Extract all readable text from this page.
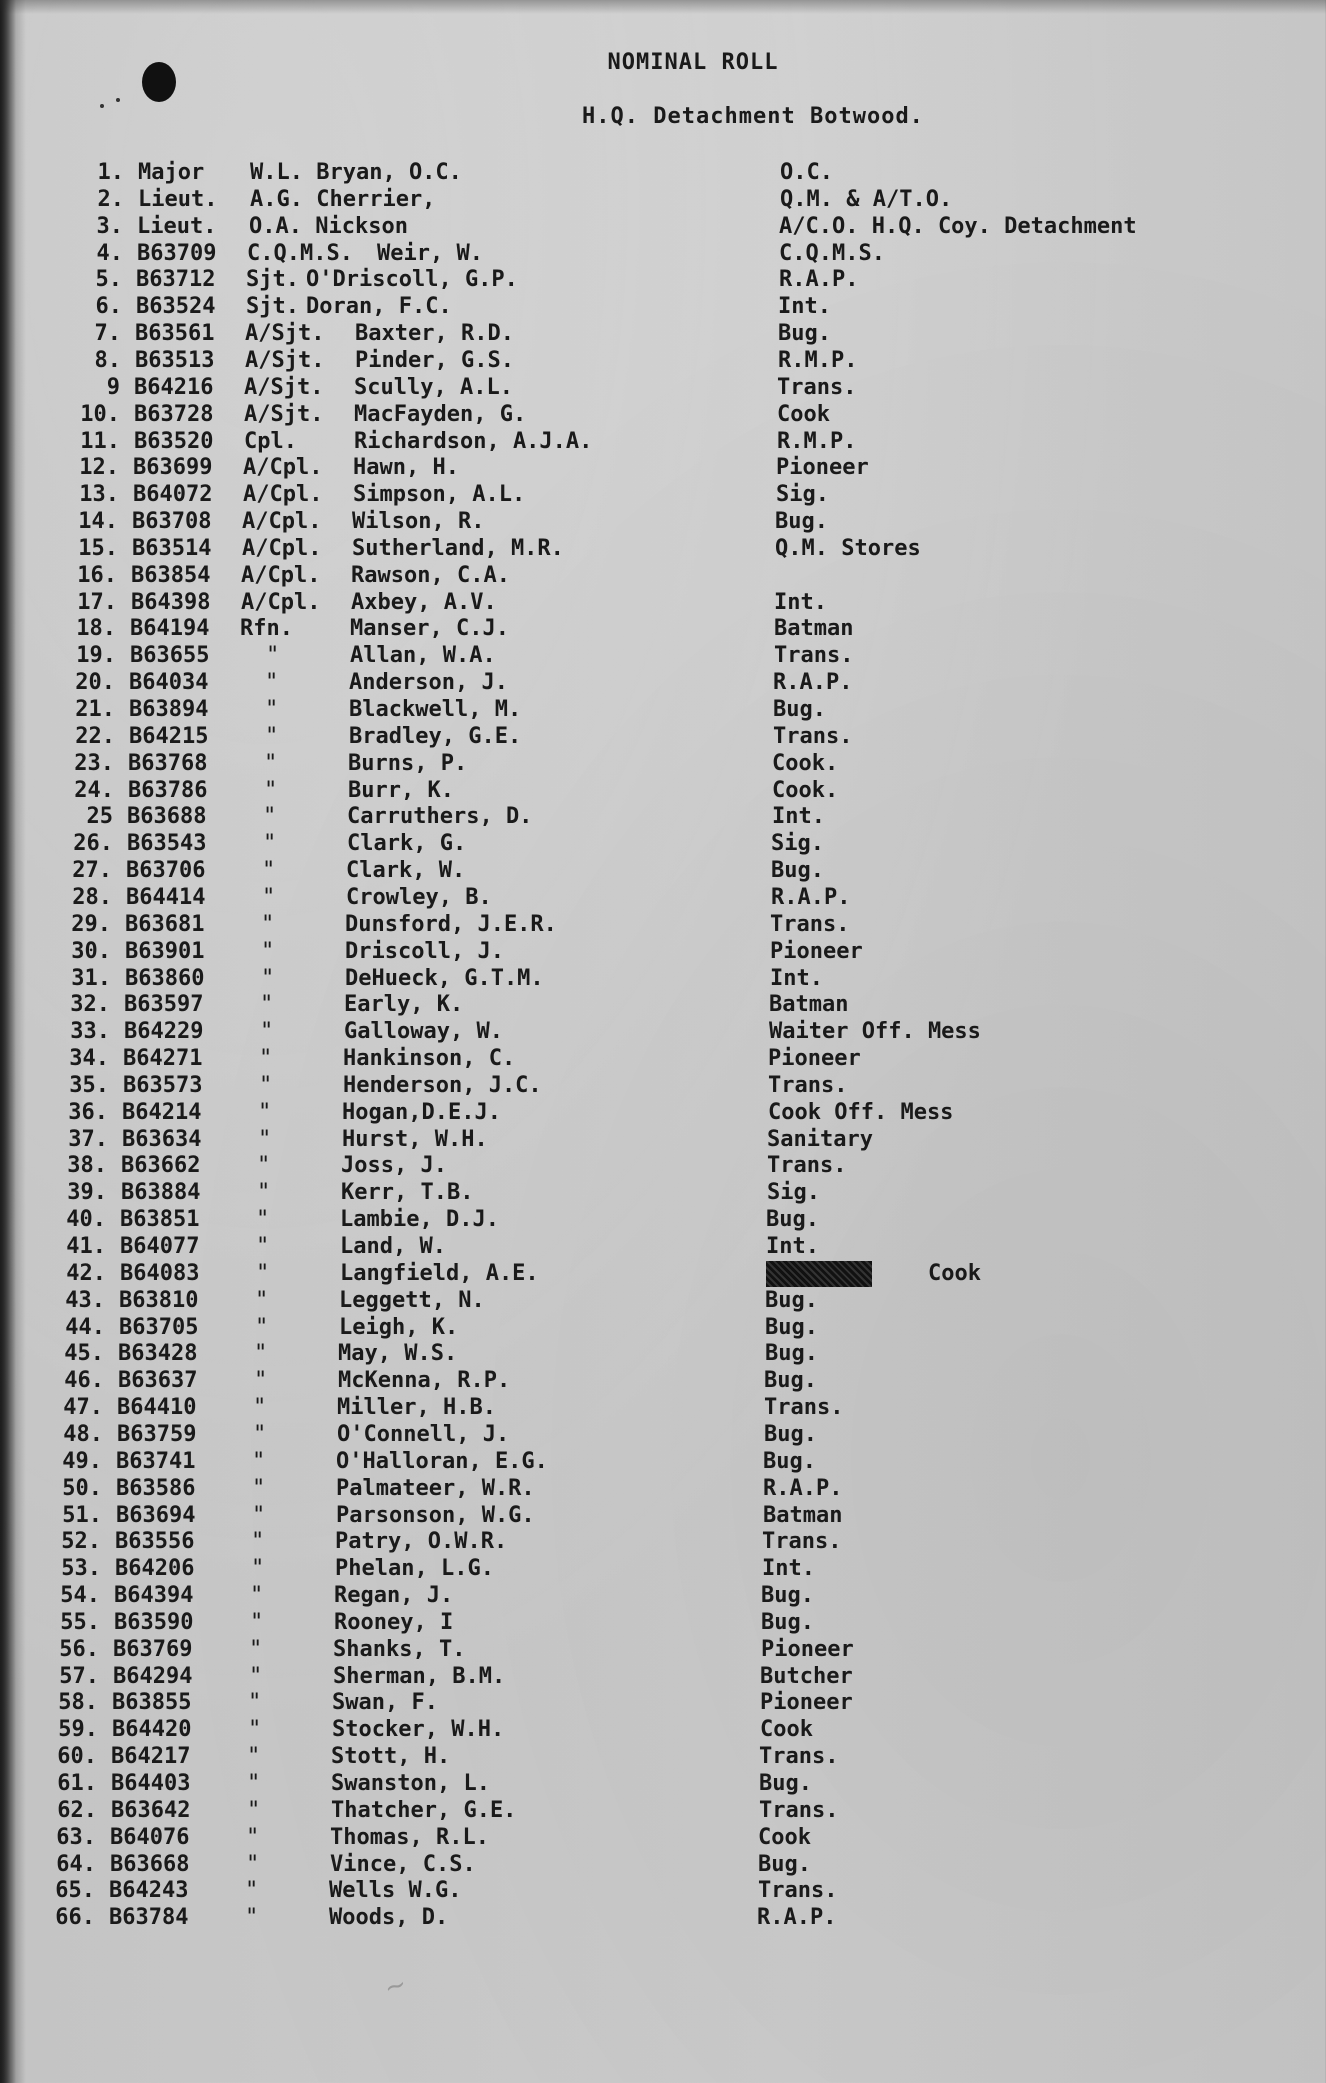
NOMINAL ROLL
H.Q. Detachment Botwood.
1. Major	W.L. Bryan, O.C.	O.C.
2. Lieut.	A.G. Cherrier,	Q.M. & A/T.O.
3. Lieut.	O.A. Nickson	A/C.O. H.Q. Coy. Detachment
4. B63709	C.Q.M.S. Weir, W.	C.Q.M.S.
5. B63712	Sjt. O'Driscoll, G.P.	R.A.P.
6. B63524	Sjt. Doran, F.C.	Int.
7. B63561	A/Sjt.	Baxter, R.D.	Bug.
8. B63513	A/Sjt.	Pinder, G.S.	R.M.P.
9 B64216	A/Sjt.	Scully, A.L.	Trans.
10. B63728	A/Sjt.	MacFayden, G.	Cook
11. B63520	Cpl.	Richardson, A.J.A.	R.M.P.
12. B63699	A/Cpl.	Hawn, H.	Pioneer
13. B64072	A/Cpl.	Simpson, A.L.	Sig.
14. B63708	A/Cpl.	Wilson, R.	Bug.
15. B63514	A/Cpl.	Sutherland, M.R.	Q.M. Stores
16. B63854	A/Cpl.	Rawson, C.A.
17. B64398	A/Cpl.	Axbey, A.V.	Int.
18. B64194	Rfn.	Manser, C.J.	Batman
19. B63655	"	Allan, W.A.	Trans.
20. B64034	"	Anderson, J.	R.A.P.
21. B63894	"	Blackwell, M.	Bug.
22. B64215	"	Bradley, G.E.	Trans.
23. B63768	"	Burns, P.	Cook.
24. B63786	"	Burr, K.	Cook.
25 B63688	"	Carruthers, D.	Int.
26. B63543	"	Clark, G.	Sig.
27. B63706	"	Clark, W.	Bug.
28. B64414	"	Crowley, B.	R.A.P.
29. B63681	"	Dunsford, J.E.R.	Trans.
30. B63901	"	Driscoll, J.	Pioneer
31. B63860	"	DeHueck, G.T.M.	Int.
32. B63597	"	Early, K.	Batman
33. B64229	"	Galloway, W.	Waiter Off. Mess
34. B64271	"	Hankinson, C.	Pioneer
35. B63573	"	Henderson, J.C.	Trans.
36. B64214	"	Hogan,D.E.J.	Cook Off. Mess
37. B63634	"	Hurst, W.H.	Sanitary
38. B63662	"	Joss, J.	Trans.
39. B63884	"	Kerr, T.B.	Sig.
40. B63851	"	Lambie, D.J.	Bug.
41. B64077	"	Land, W.	Int.
42. B64083	"	Langfield, A.E.	Cook
43. B63810	"	Leggett, N.	Bug.
44. B63705	"	Leigh, K.	Bug.
45. B63428	"	May, W.S.	Bug.
46. B63637	"	McKenna, R.P.	Bug.
47. B64410	"	Miller, H.B.	Trans.
48. B63759	"	O'Connell, J.	Bug.
49. B63741	"	O'Halloran, E.G.	Bug.
50. B63586	"	Palmateer, W.R.	R.A.P.
51. B63694	"	Parsonson, W.G.	Batman
52. B63556	"	Patry, O.W.R.	Trans.
53. B64206	"	Phelan, L.G.	Int.
54. B64394	"	Regan, J.	Bug.
55. B63590	"	Rooney, I	Bug.
56. B63769	"	Shanks, T.	Pioneer
57. B64294	"	Sherman, B.M.	Butcher
58. B63855	"	Swan, F.	Pioneer
59. B64420	"	Stocker, W.H.	Cook
60. B64217	"	Stott, H.	Trans.
61. B64403	"	Swanston, L.	Bug.
62. B63642	"	Thatcher, G.E.	Trans.
63. B64076	"	Thomas, R.L.	Cook
64. B63668	"	Vince, C.S.	Bug.
65. B64243	"	Wells W.G.	Trans.
66. B63784	"	Woods, D.	R.A.P.
~
